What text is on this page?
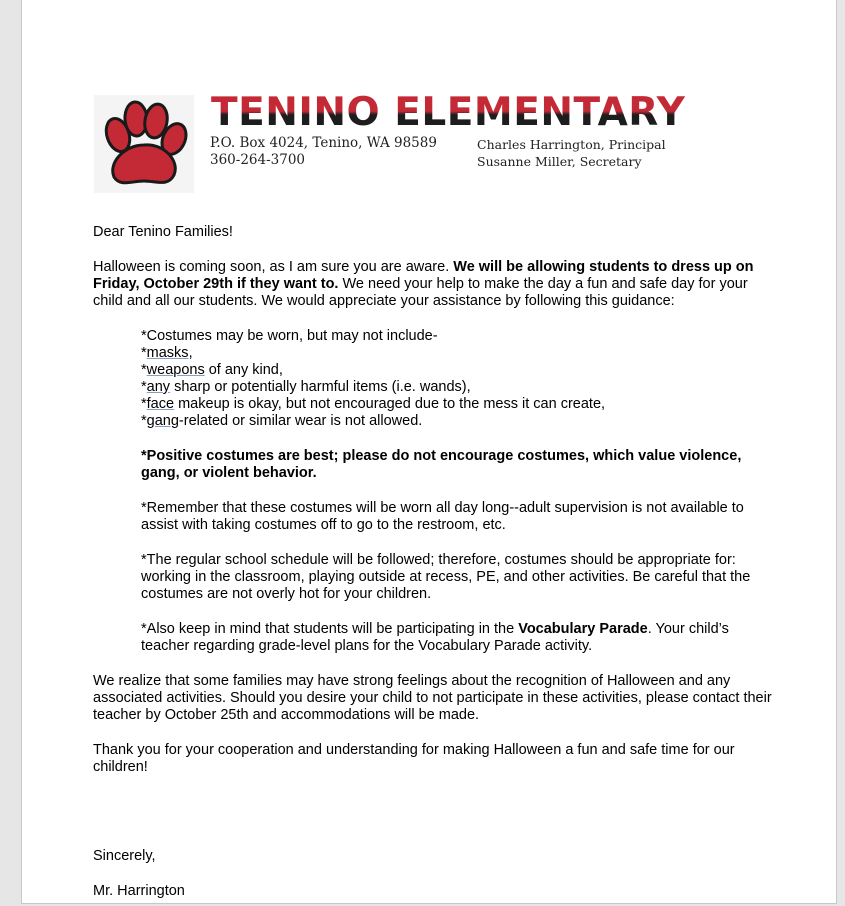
TENINO ELEMENTARY
P.O. Box 4024, Tenino, WA 98589
360-264-3700
Charles Harrington, Principal
Susanne Miller, Secretary

Dear Tenino Families!

Halloween is coming soon, as I am sure you are aware. We will be allowing students to dress up on Friday, October 29th if they want to. We need your help to make the day a fun and safe day for your child and all our students. We would appreciate your assistance by following this guidance:

*Costumes may be worn, but may not include-

*masks,

*weapons of any kind,

*any sharp or potentially harmful items (i.e. wands),

*face makeup is okay, but not encouraged due to the mess it can create,

*gang-related or similar wear is not allowed.

*Positive costumes are best; please do not encourage costumes, which value violence, gang, or violent behavior.

*Remember that these costumes will be worn all day long--adult supervision is not available to assist with taking costumes off to go to the restroom, etc.

*The regular school schedule will be followed; therefore, costumes should be appropriate for: working in the classroom, playing outside at recess, PE, and other activities. Be careful that the costumes are not overly hot for your children.

*Also keep in mind that students will be participating in the Vocabulary Parade. Your child’s teacher regarding grade-level plans for the Vocabulary Parade activity.

We realize that some families may have strong feelings about the recognition of Halloween and any associated activities. Should you desire your child to not participate in these activities, please contact their teacher by October 25th and accommodations will be made.

Thank you for your cooperation and understanding for making Halloween a fun and safe time for our children!

Sincerely,

Mr. Harrington
